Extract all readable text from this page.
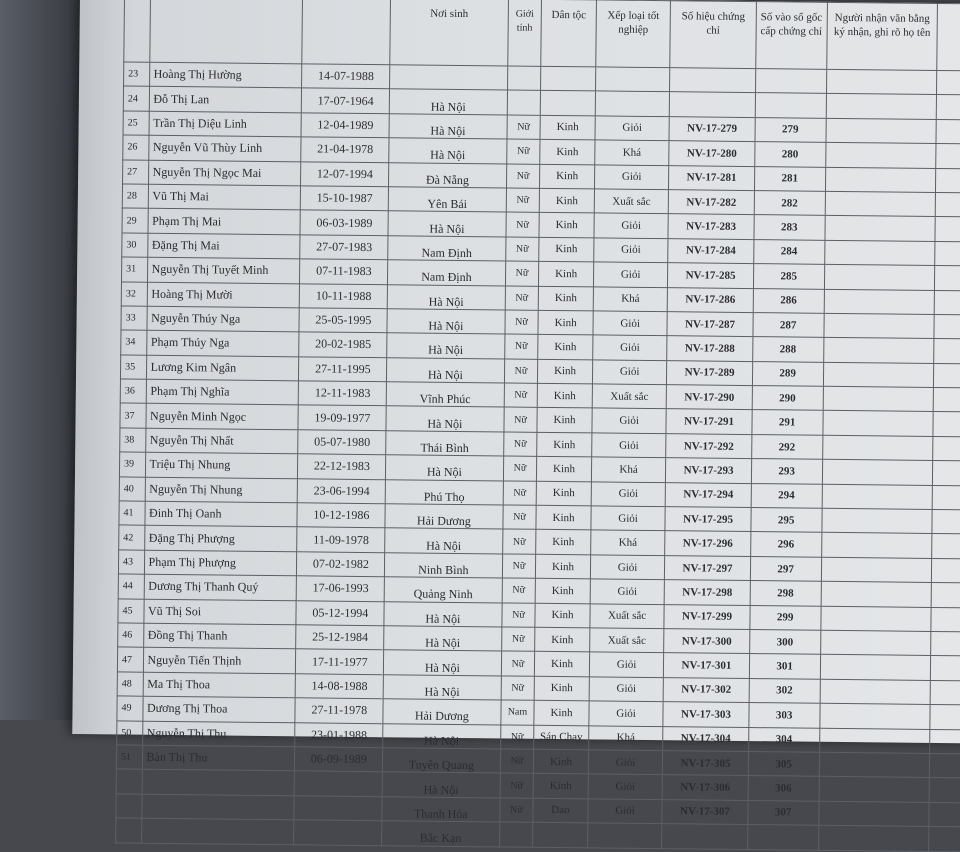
			Nơi sinh	Giới tính	Dân tộc	Xếp loại tốt nghiệp	Số hiệu chứng chỉ	Số vào sổ gốc cấp chứng chỉ	Người nhận văn bằng ký nhận, ghi rõ họ tên	
23	Hoàng Thị Hường	14-07-1988								
24	Đỗ Thị Lan	17-07-1964	Hà Nội							
25	Trần Thị Diệu Linh	12-04-1989	Hà Nội	Nữ	Kinh	Giỏi	NV-17-279	279		
26	Nguyễn Vũ Thùy Linh	21-04-1978	Hà Nội	Nữ	Kinh	Khá	NV-17-280	280		
27	Nguyễn Thị Ngọc Mai	12-07-1994	Đà Nẵng	Nữ	Kinh	Giỏi	NV-17-281	281		
28	Vũ Thị Mai	15-10-1987	Yên Bái	Nữ	Kinh	Xuất sắc	NV-17-282	282		
29	Phạm Thị Mai	06-03-1989	Hà Nội	Nữ	Kinh	Giỏi	NV-17-283	283		
30	Đặng Thị Mai	27-07-1983	Nam Định	Nữ	Kinh	Giỏi	NV-17-284	284		
31	Nguyễn Thị Tuyết Minh	07-11-1983	Nam Định	Nữ	Kinh	Giỏi	NV-17-285	285		
32	Hoàng Thị Mười	10-11-1988	Hà Nội	Nữ	Kinh	Khá	NV-17-286	286		
33	Nguyễn Thúy Nga	25-05-1995	Hà Nội	Nữ	Kinh	Giỏi	NV-17-287	287		
34	Phạm Thúy Nga	20-02-1985	Hà Nội	Nữ	Kinh	Giỏi	NV-17-288	288		
35	Lương Kim Ngân	27-11-1995	Hà Nội	Nữ	Kinh	Giỏi	NV-17-289	289		
36	Phạm Thị Nghĩa	12-11-1983	Vĩnh Phúc	Nữ	Kinh	Xuất sắc	NV-17-290	290		
37	Nguyễn Minh Ngọc	19-09-1977	Hà Nội	Nữ	Kinh	Giỏi	NV-17-291	291		
38	Nguyễn Thị Nhất	05-07-1980	Thái Bình	Nữ	Kinh	Giỏi	NV-17-292	292		
39	Triệu Thị Nhung	22-12-1983	Hà Nội	Nữ	Kinh	Khá	NV-17-293	293		
40	Nguyễn Thị Nhung	23-06-1994	Phú Thọ	Nữ	Kinh	Giỏi	NV-17-294	294		
41	Đinh Thị Oanh	10-12-1986	Hải Dương	Nữ	Kinh	Giỏi	NV-17-295	295		
42	Đặng Thị Phượng	11-09-1978	Hà Nội	Nữ	Kinh	Khá	NV-17-296	296		
43	Phạm Thị Phượng	07-02-1982	Ninh Bình	Nữ	Kinh	Giỏi	NV-17-297	297		
44	Dương Thị Thanh Quý	17-06-1993	Quảng Ninh	Nữ	Kinh	Giỏi	NV-17-298	298		
45	Vũ Thị Soi	05-12-1994	Hà Nội	Nữ	Kinh	Xuất sắc	NV-17-299	299		
46	Đồng Thị Thanh	25-12-1984	Hà Nội	Nữ	Kinh	Xuất sắc	NV-17-300	300		
47	Nguyễn Tiến Thịnh	17-11-1977	Hà Nội	Nữ	Kinh	Giỏi	NV-17-301	301		
48	Ma Thị Thoa	14-08-1988	Hà Nội	Nữ	Kinh	Giỏi	NV-17-302	302		
49	Dương Thị Thoa	27-11-1978	Hải Dương	Nam	Kinh	Giỏi	NV-17-303	303		
50	Nguyễn Thị Thu	23-01-1988	Hà Nội	Nữ	Sán Chay	Khá	NV-17-304	304		
51	Bàn Thị Thu	06-09-1989	Tuyên Quang	Nữ	Kinh	Giỏi	NV-17-305	305		
			Hà Nội	Nữ	Kinh	Giỏi	NV-17-306	306		
			Thanh Hóa	Nữ	Dao	Giỏi	NV-17-307	307		
			Bắc Kạn							
